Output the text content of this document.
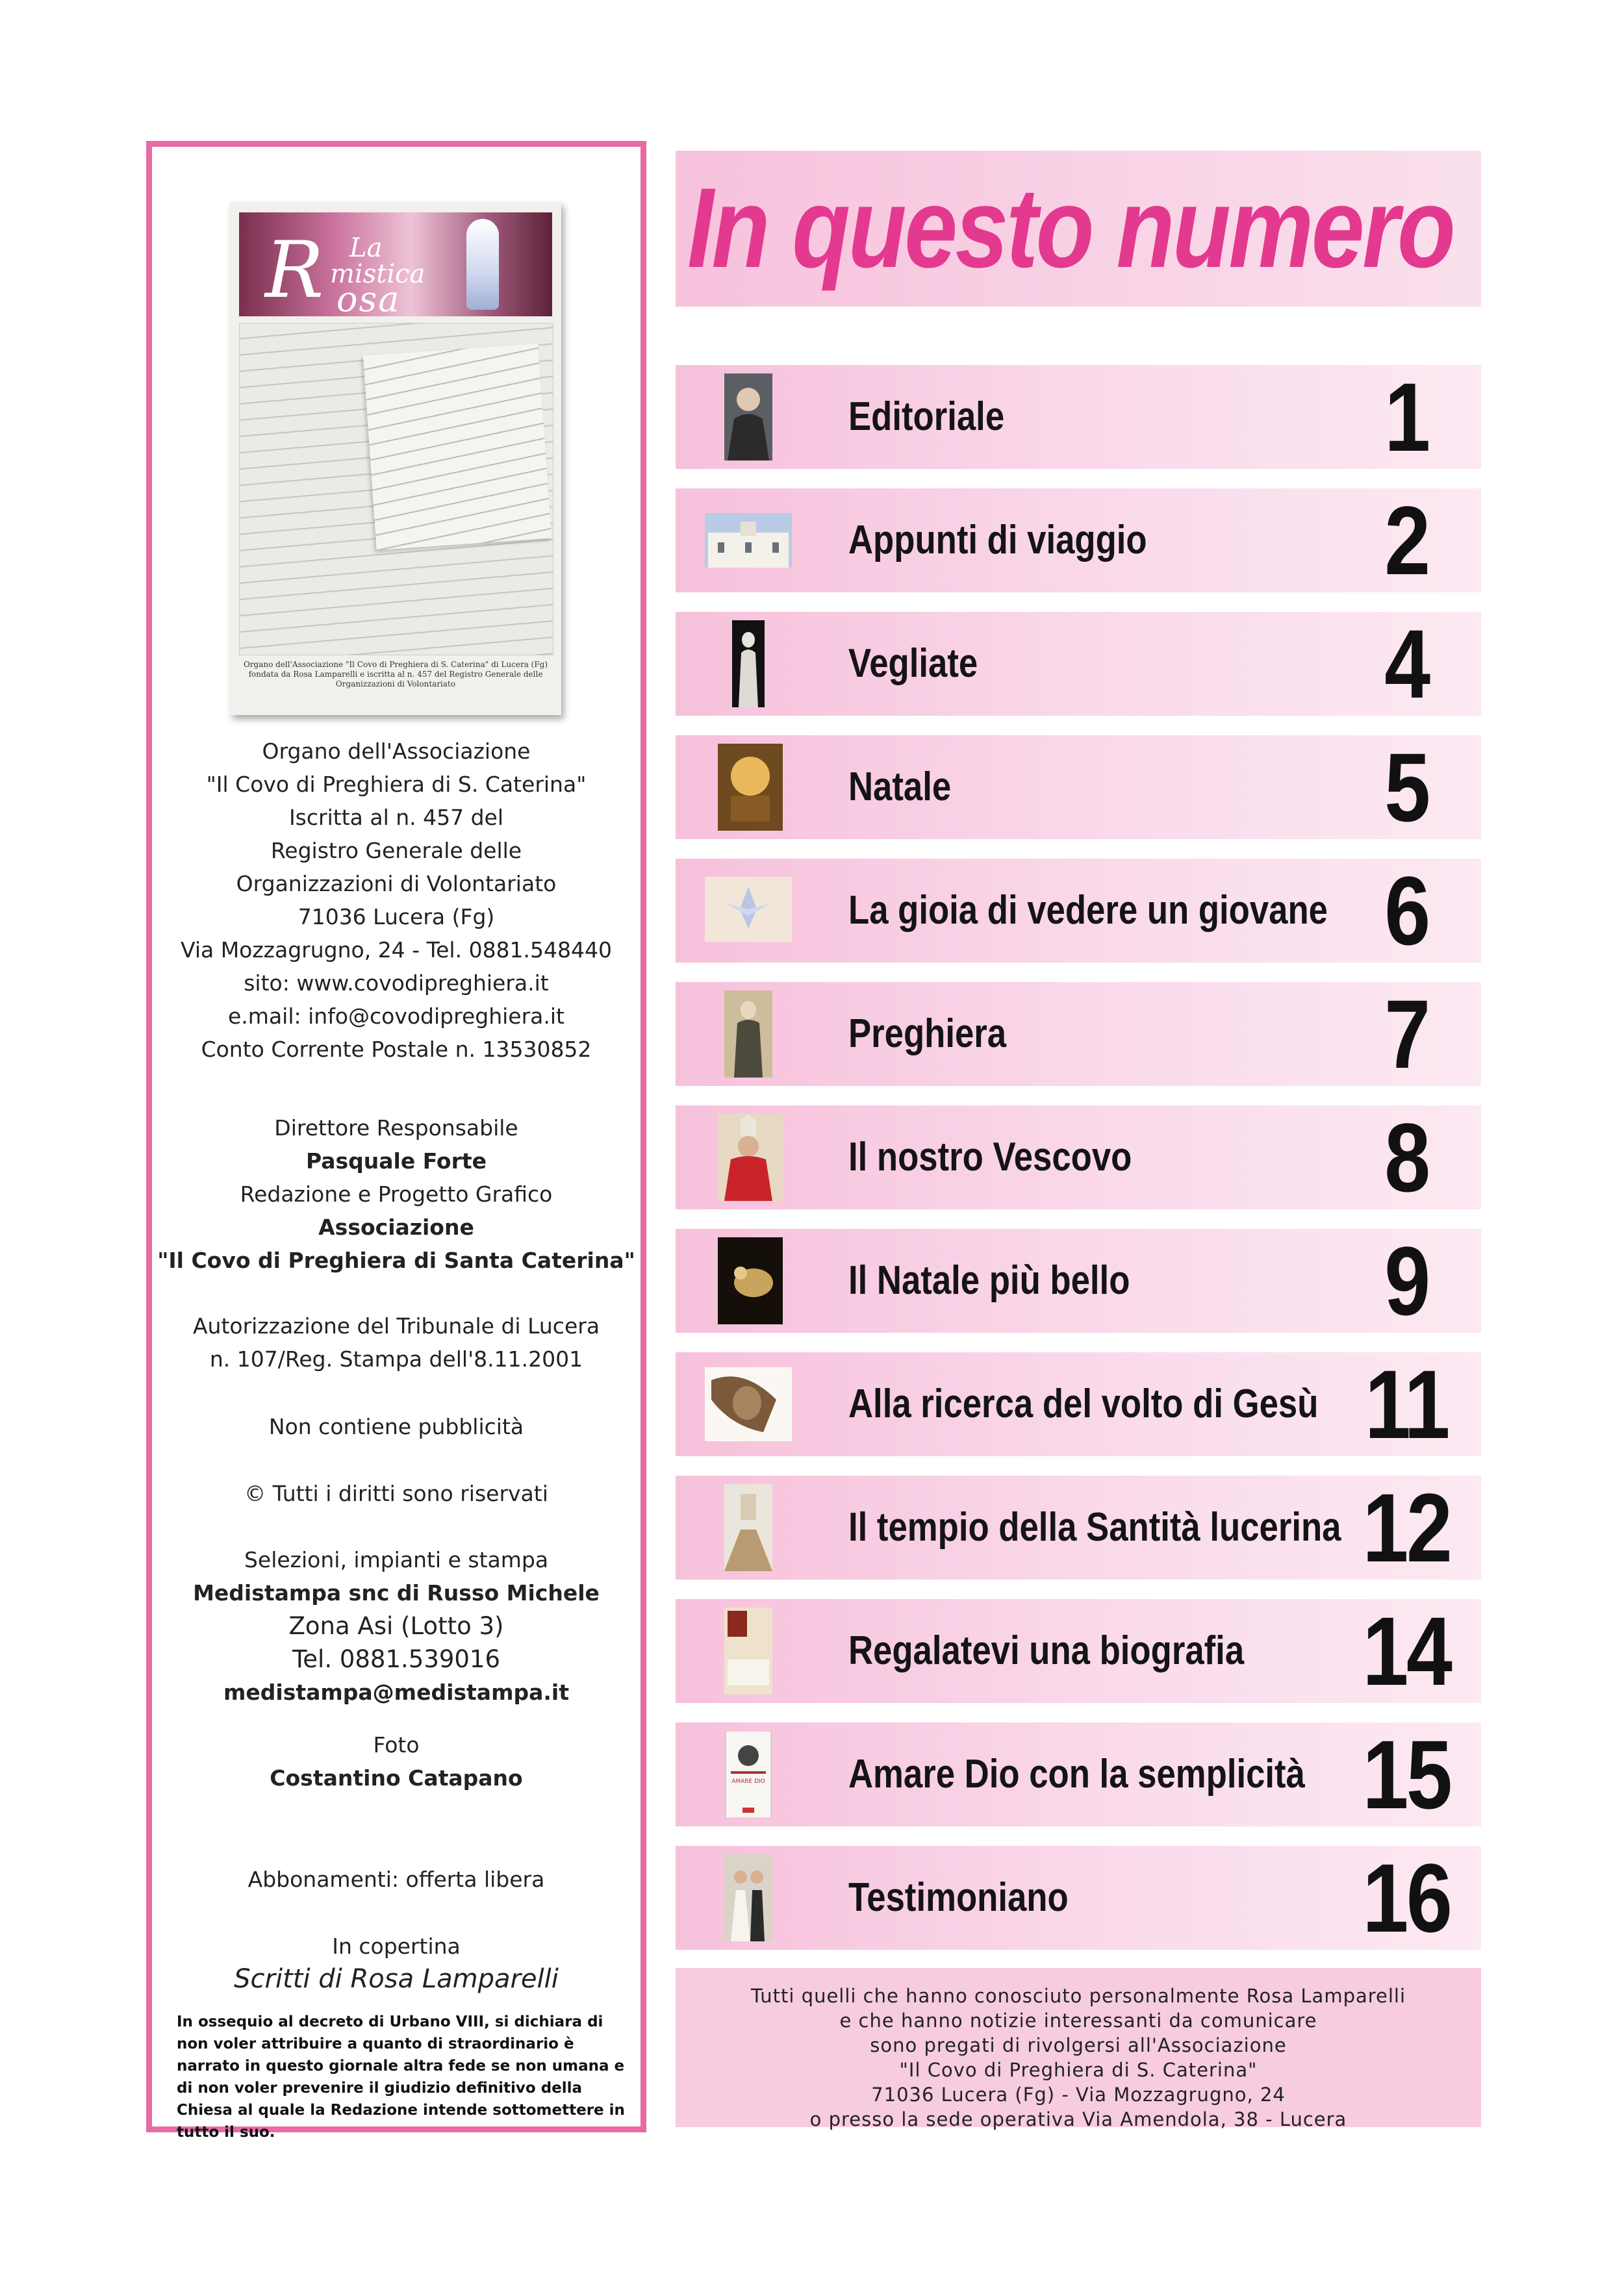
R La
mistica
osa
Organo dell'Associazione "Il Covo di Preghiera di S. Caterina" di Lucera (Fg) fondata da Rosa Lamparelli e iscritta al n. 457 del Registro Generale delle Organizzazioni di Volontariato
Organo dell'Associazione
"Il Covo di Preghiera di S. Caterina"
Iscritta al n. 457 del
Registro Generale delle
Organizzazioni di Volontariato
71036 Lucera (Fg)
Via Mozzagrugno, 24 - Tel. 0881.548440
sito: www.covodipreghiera.it
e.mail: info@covodipreghiera.it
Conto Corrente Postale n. 13530852
Direttore Responsabile
Pasquale Forte
Redazione e Progetto Grafico
Associazione
"Il Covo di Preghiera di Santa Caterina"
Autorizzazione del Tribunale di Lucera
n. 107/Reg. Stampa dell'8.11.2001
Non contiene pubblicità
© Tutti i diritti sono riservati
Selezioni, impianti e stampa
Medistampa snc di Russo Michele
Zona Asi (Lotto 3)
Tel. 0881.539016
medistampa@medistampa.it
Foto
Costantino Catapano
Abbonamenti: offerta libera
In copertina
Scritti di Rosa Lamparelli
In ossequio al decreto di Urbano VIII, si dichiara di non voler attribuire a quanto di straordinario è narrato in questo giornale altra fede se non umana e di non voler prevenire il giudizio definitivo della Chiesa al quale la Redazione intende sottomettere in tutto il suo.
In questo numero
Editoriale	1
Appunti di viaggio	2
Vegliate	4
Natale	5
La gioia di vedere un giovane 6
Preghiera	7
Il nostro Vescovo	8
Il Natale più bello	9
Alla ricerca del volto di Gesù 11
Il tempio della Santità lucerina 12
Regalatevi una biografia 14
AMARE DIO Amare Dio con la semplicità 15
Testimoniano	16
Tutti quelli che hanno conosciuto personalmente Rosa Lamparelli
e che hanno notizie interessanti da comunicare
sono pregati di rivolgersi all'Associazione
"Il Covo di Preghiera di S. Caterina"
71036 Lucera (Fg) - Via Mozzagrugno, 24
o presso la sede operativa Via Amendola, 38 - Lucera
